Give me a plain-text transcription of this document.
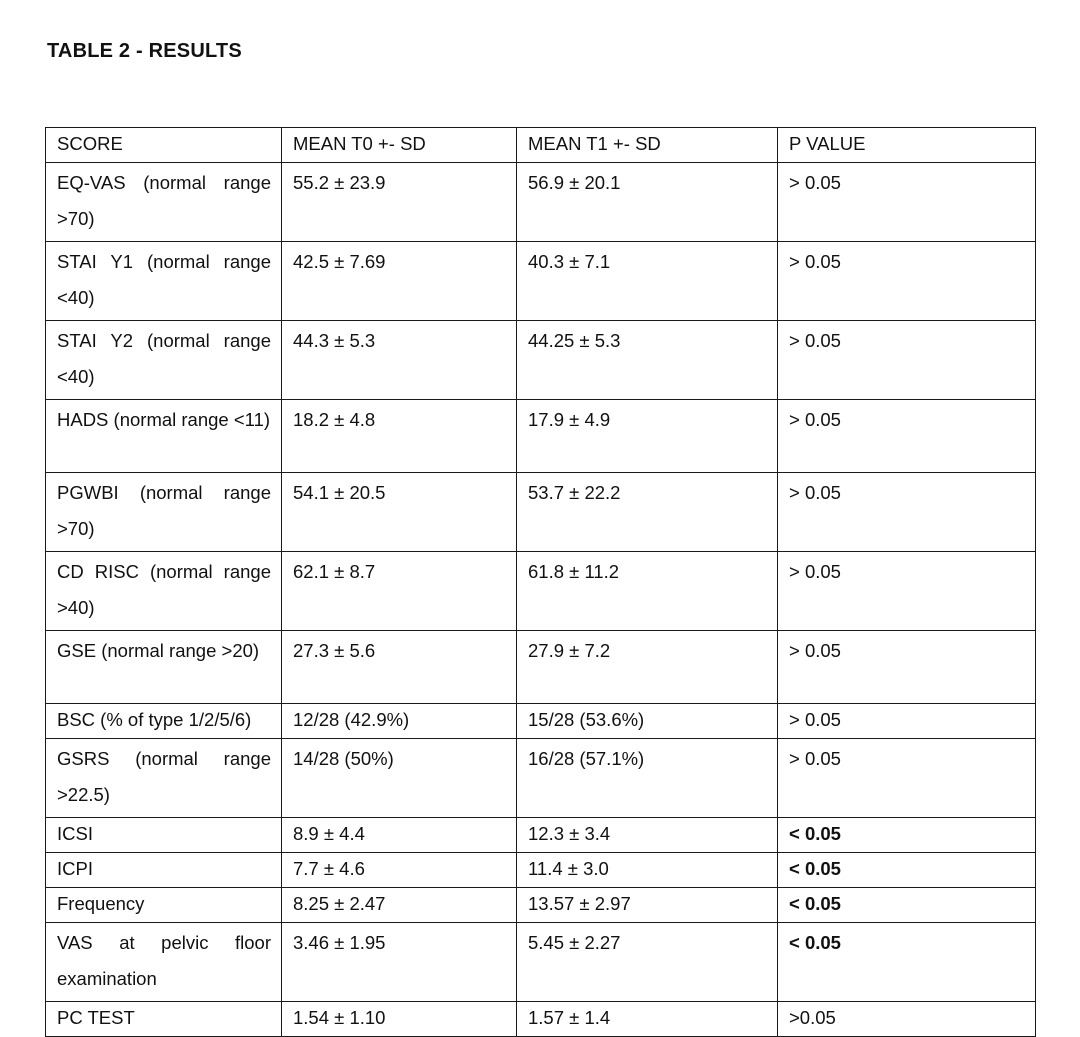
TABLE 2 - RESULTS
SCORE	MEAN T0 +- SD	MEAN T1 +- SD	P VALUE
EQ-VAS (normal range >70)	55.2 ± 23.9	56.9 ± 20.1	> 0.05
STAI Y1 (normal range <40)	42.5 ± 7.69	40.3 ± 7.1	> 0.05
STAI Y2 (normal range <40)	44.3 ± 5.3	44.25 ± 5.3	> 0.05
HADS (normal range <11)	18.2 ± 4.8	17.9 ± 4.9	> 0.05
PGWBI (normal range >70)	54.1 ± 20.5	53.7 ± 22.2	> 0.05
CD RISC (normal range >40)	62.1 ± 8.7	61.8 ± 11.2	> 0.05
GSE (normal range >20)	27.3 ± 5.6	27.9 ± 7.2	> 0.05
BSC (% of type 1/2/5/6)	12/28 (42.9%)	15/28 (53.6%)	> 0.05
GSRS (normal range >22.5)	14/28 (50%)	16/28 (57.1%)	> 0.05
ICSI	8.9 ± 4.4	12.3 ± 3.4	< 0.05
ICPI	7.7 ± 4.6	11.4 ± 3.0	< 0.05
Frequency	8.25 ± 2.47	13.57 ± 2.97	< 0.05
VAS at pelvic floor examination	3.46 ± 1.95	5.45 ± 2.27	< 0.05
PC TEST	1.54 ± 1.10	1.57 ± 1.4	>0.05
